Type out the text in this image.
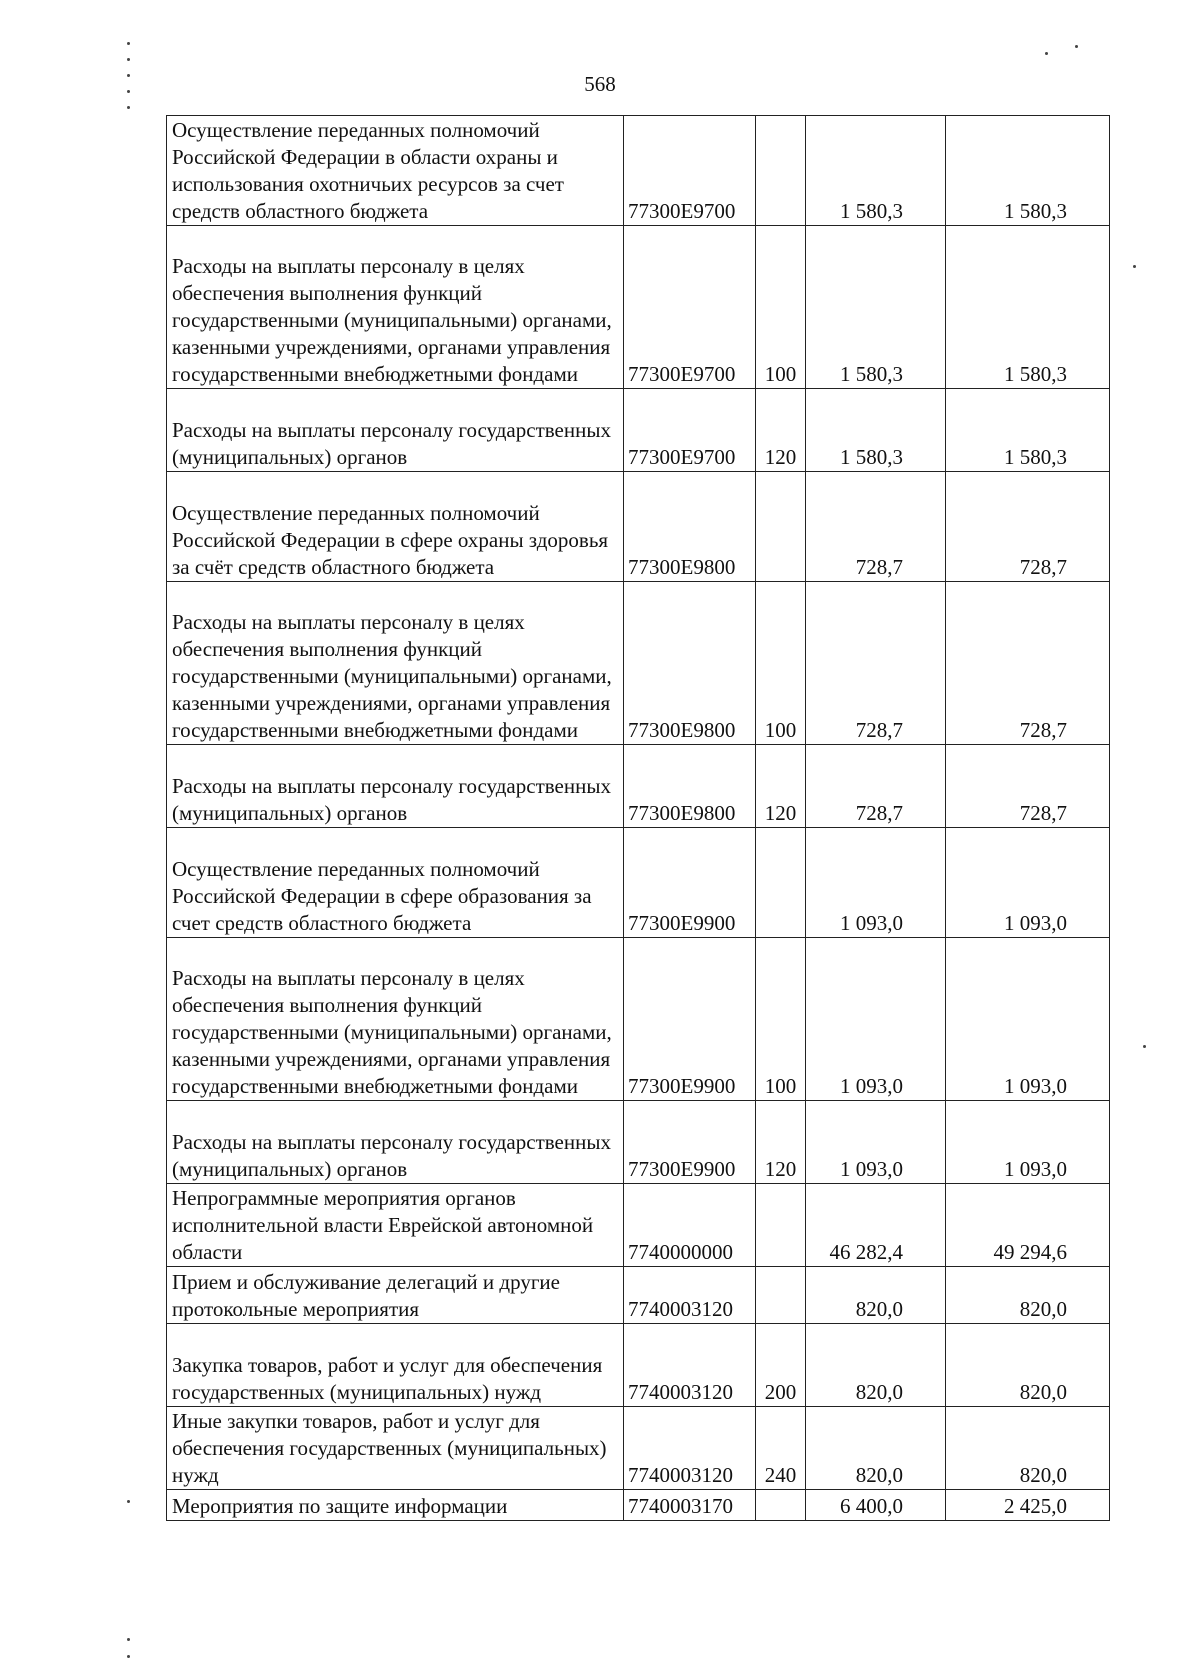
568
Осуществление переданных полномочий Российской Федерации в области охраны и использования охотничьих ресурсов за счет средств областного бюджета	77300E9700		1 580,3	1 580,3
Расходы на выплаты персоналу в целях обеспечения выполнения функций государственными (муниципальными) органами, казенными учреждениями, органами управления государственными внебюджетными фондами	77300E9700	100	1 580,3	1 580,3
Расходы на выплаты персоналу государственных (муниципальных) органов	77300E9700	120	1 580,3	1 580,3
Осуществление переданных полномочий Российской Федерации в сфере охраны здоровья за счёт средств областного бюджета	77300E9800		728,7	728,7
Расходы на выплаты персоналу в целях обеспечения выполнения функций государственными (муниципальными) органами, казенными учреждениями, органами управления государственными внебюджетными фондами	77300E9800	100	728,7	728,7
Расходы на выплаты персоналу государственных (муниципальных) органов	77300E9800	120	728,7	728,7
Осуществление переданных полномочий Российской Федерации в сфере образования за счет средств областного бюджета	77300E9900		1 093,0	1 093,0
Расходы на выплаты персоналу в целях обеспечения выполнения функций государственными (муниципальными) органами, казенными учреждениями, органами управления государственными внебюджетными фондами	77300E9900	100	1 093,0	1 093,0
Расходы на выплаты персоналу государственных (муниципальных) органов	77300E9900	120	1 093,0	1 093,0
Непрограммные мероприятия органов исполнительной власти Еврейской автономной области	7740000000		46 282,4	49 294,6
Прием и обслуживание делегаций и другие протокольные мероприятия	7740003120		820,0	820,0
Закупка товаров, работ и услуг для обеспечения государственных (муниципальных) нужд	7740003120	200	820,0	820,0
Иные закупки товаров, работ и услуг для обеспечения государственных (муниципальных) нужд	7740003120	240	820,0	820,0
Мероприятия по защите информации	7740003170		6 400,0	2 425,0
